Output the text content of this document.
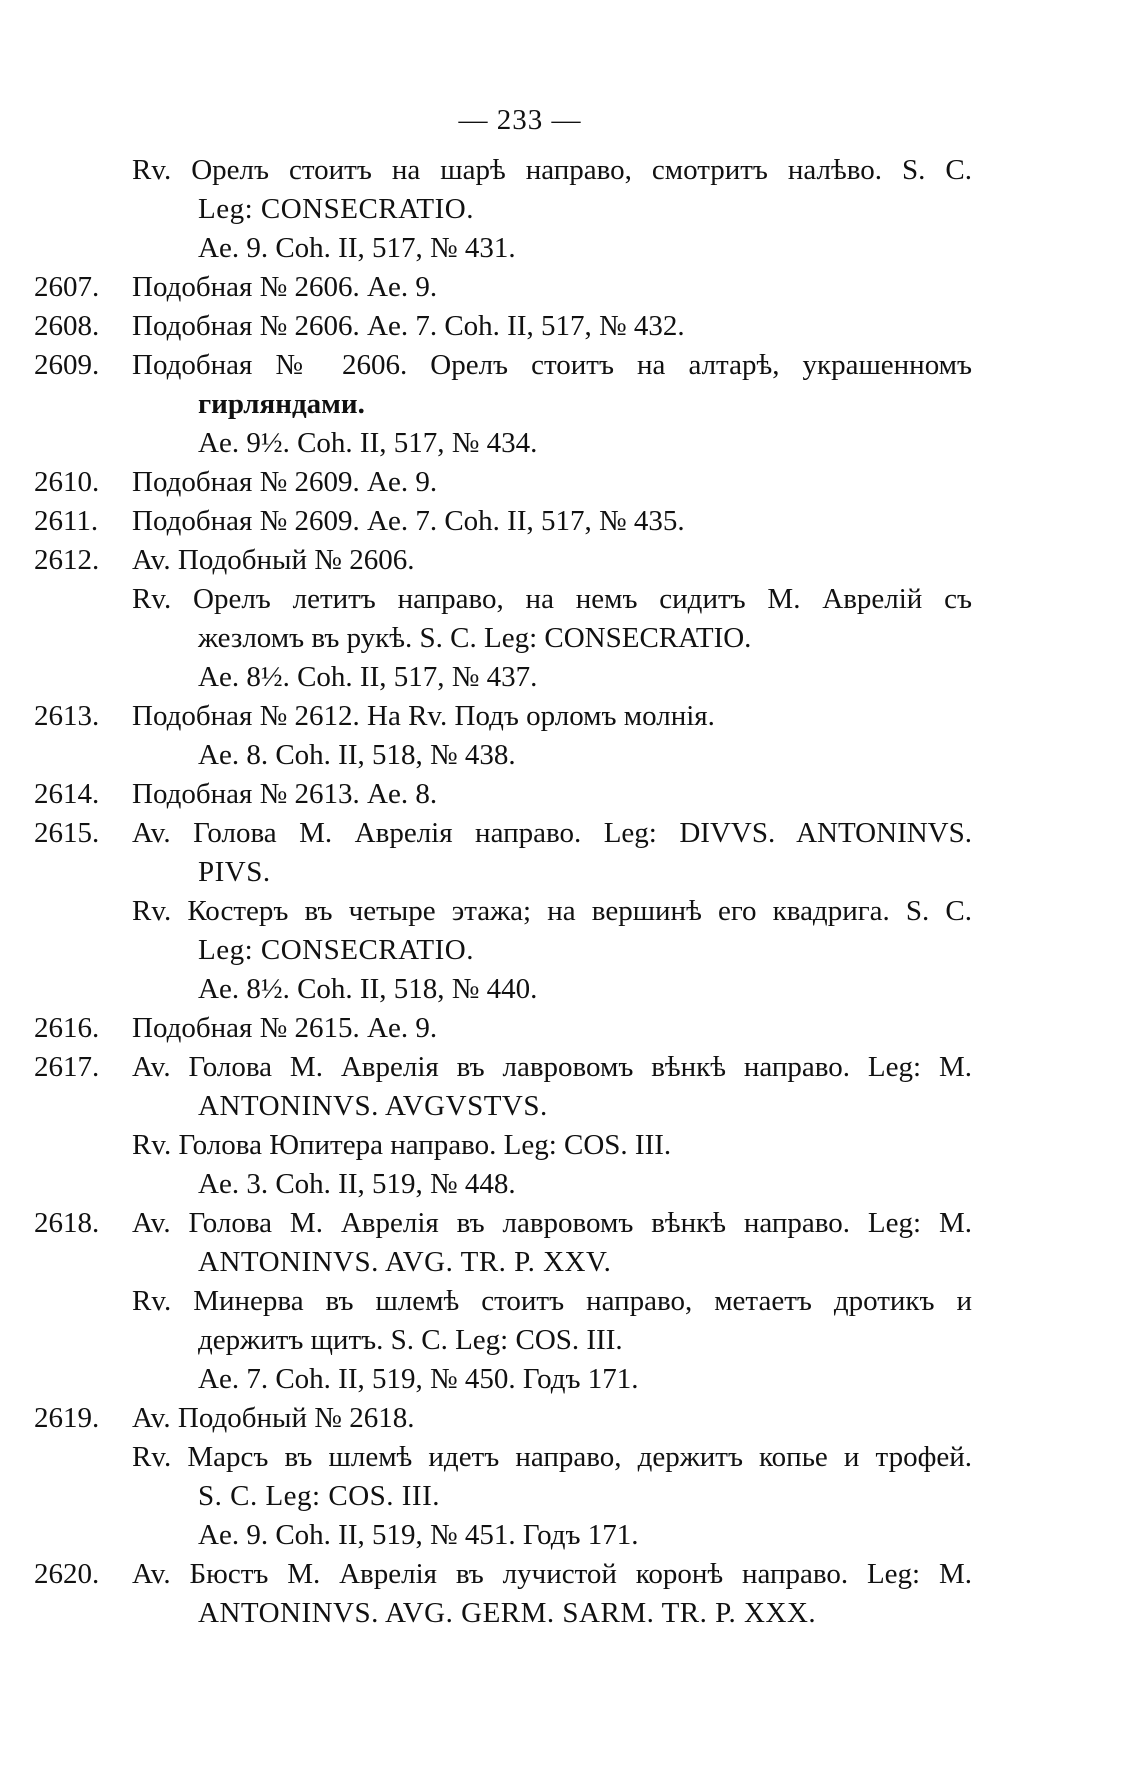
— 233 —
Rv. Орелъ стоитъ на шарѣ направо, смотритъ налѣво. S. C.
Leg: CONSECRATIO.
Ae. 9. Coh. II, 517, № 431.
2607.	Подобная № 2606. Ae. 9.
2608.	Подобная № 2606. Ae. 7. Coh. II, 517, № 432.
2609.	Подобная № 2606. Орелъ стоитъ на алтарѣ, украшенномъ
гирляндами.
Ae. 9½. Coh. II, 517, № 434.
2610.	Подобная № 2609. Ae. 9.
2611.	Подобная № 2609. Ae. 7. Coh. II, 517, № 435.
2612.	Av. Подобный № 2606.
Rv. Орелъ летитъ направо, на немъ сидитъ М. Аврелій съ
жезломъ въ рукѣ. S. C. Leg: CONSECRATIO.
Ae. 8½. Coh. II, 517, № 437.
2613.	Подобная № 2612. На Rv. Подъ орломъ молнія.
Ae. 8. Coh. II, 518, № 438.
2614.	Подобная № 2613. Ae. 8.
2615.	Av. Голова М. Аврелія направо. Leg: DIVVS. ANTONINVS.
PIVS.
Rv. Костеръ въ четыре этажа; на вершинѣ его квадрига. S. C.
Leg: CONSECRATIO.
Ae. 8½. Coh. II, 518, № 440.
2616.	Подобная № 2615. Ae. 9.
2617.	Av. Голова М. Аврелія въ лавровомъ вѣнкѣ направо. Leg: M.
ANTONINVS. AVGVSTVS.
Rv. Голова Юпитера направо. Leg: COS. III.
Ae. 3. Coh. II, 519, № 448.
2618.	Av. Голова М. Аврелія въ лавровомъ вѣнкѣ направо. Leg: M.
ANTONINVS. AVG. TR. P. XXV.
Rv. Минерва въ шлемѣ стоитъ направо, метаетъ дротикъ и
держитъ щитъ. S. C. Leg: COS. III.
Ae. 7. Coh. II, 519, № 450. Годъ 171.
2619.	Av. Подобный № 2618.
Rv. Марсъ въ шлемѣ идетъ направо, держитъ копье и трофей.
S. C. Leg: COS. III.
Ae. 9. Coh. II, 519, № 451. Годъ 171.
2620.	Av. Бюстъ М. Аврелія въ лучистой коронѣ направо. Leg: M.
ANTONINVS. AVG. GERM. SARM. TR. P. XXX.
